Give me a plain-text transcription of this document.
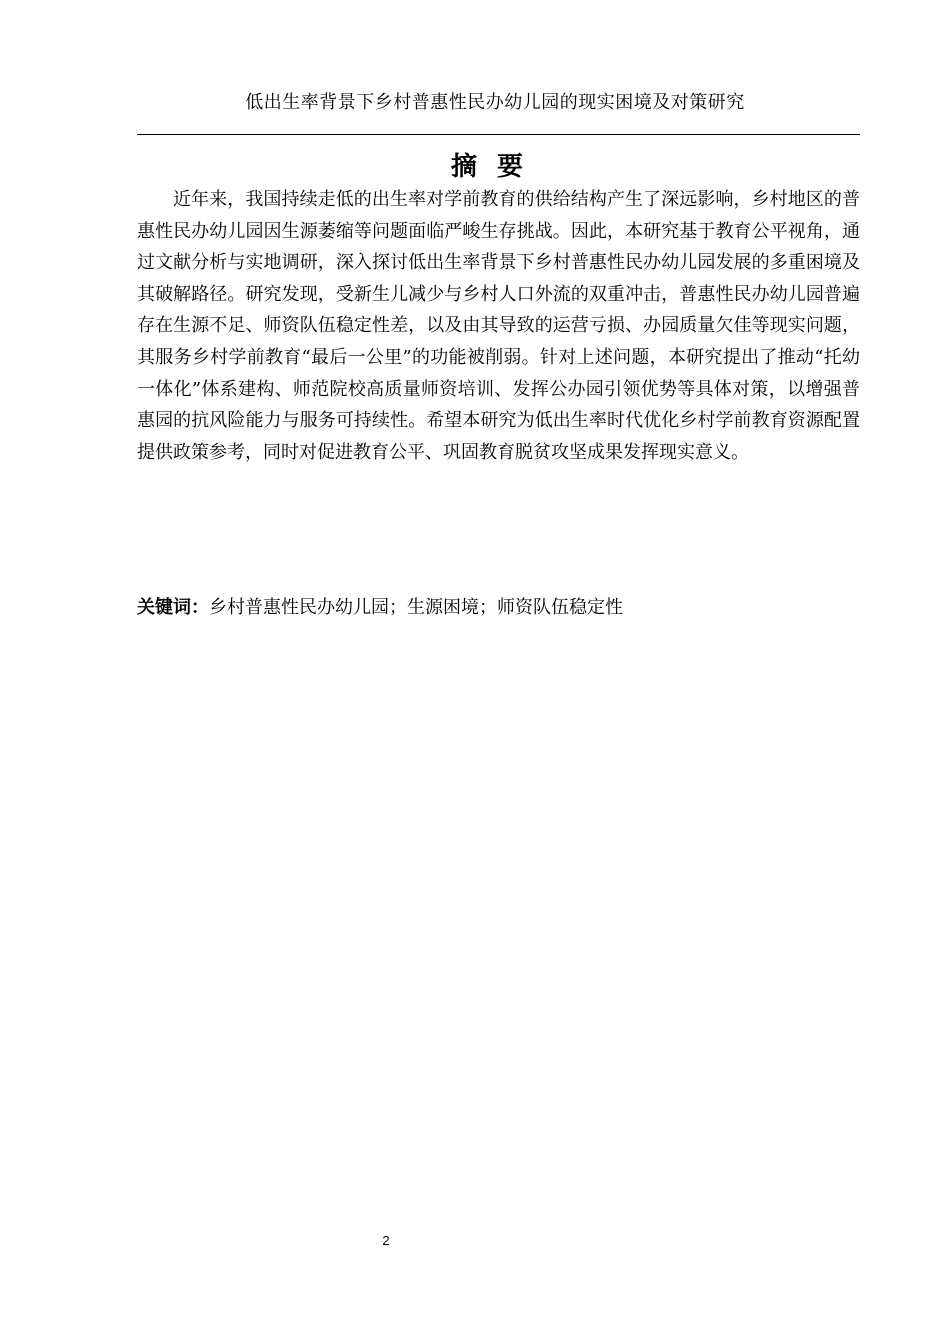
低出生率背景下乡村普惠性民办幼儿园的现实困境及对策研究
摘要

近年来，我国持续走低的出生率对学前教育的供给结构产生了深远影响，乡村地区的普惠性民办幼儿园因生源萎缩等问题面临严峻生存挑战。因此，本研究基于教育公平视角，通过文献分析与实地调研，深入探讨低出生率背景下乡村普惠性民办幼儿园发展的多重困境及其破解路径。研究发现，受新生儿减少与乡村人口外流的双重冲击，普惠性民办幼儿园普遍存在生源不足、师资队伍稳定性差，以及由其导致的运营亏损、办园质量欠佳等现实问题，其服务乡村学前教育“最后一公里”的功能被削弱。针对上述问题，本研究提出了推动“托幼一体化”体系建构、师范院校高质量师资培训、发挥公办园引领优势等具体对策，以增强普惠园的抗风险能力与服务可持续性。希望本研究为低出生率时代优化乡村学前教育资源配置提供政策参考，同时对促进教育公平、巩固教育脱贫攻坚成果发挥现实意义。

关键词：乡村普惠性民办幼儿园；生源困境；师资队伍稳定性
2
